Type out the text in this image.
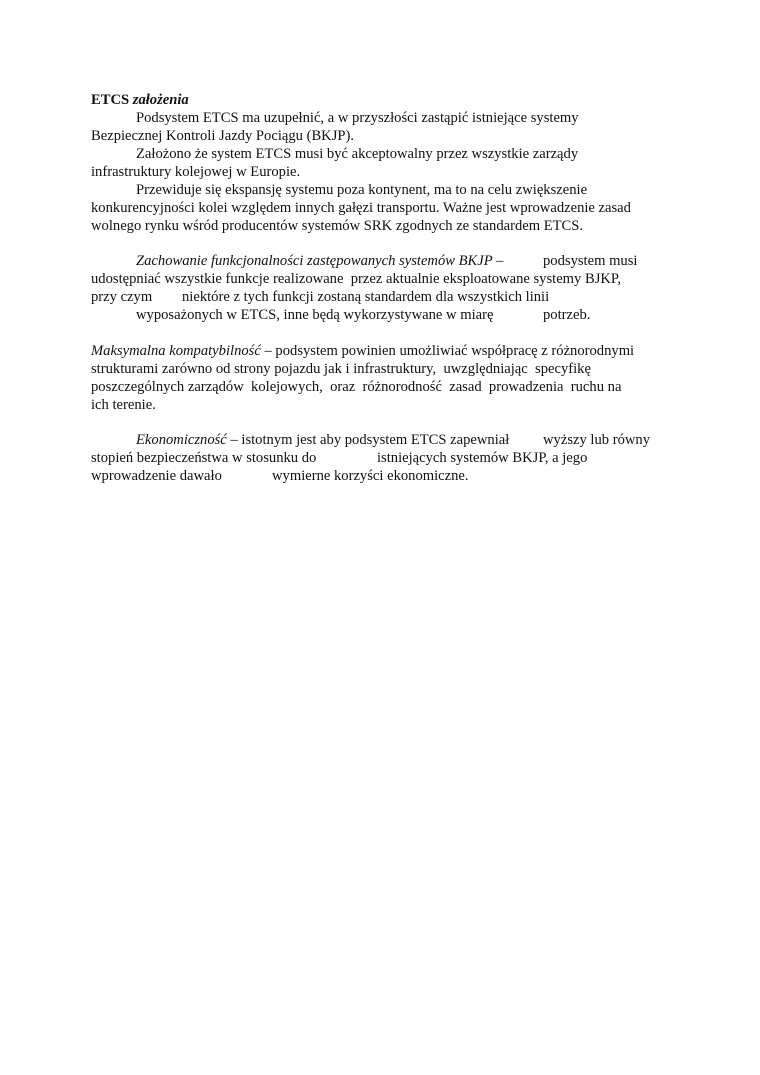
ETCS założenia
Podsystem ETCS ma uzupełnić, a w przyszłości zastąpić istniejące systemy
Bezpiecznej Kontroli Jazdy Pociągu (BKJP).
Założono że system ETCS musi być akceptowalny przez wszystkie zarządy
infrastruktury kolejowej w Europie.
Przewiduje się ekspansję systemu poza kontynent, ma to na celu zwiększenie
konkurencyjności kolei względem innych gałęzi transportu. Ważne jest wprowadzenie zasad
wolnego rynku wśród producentów systemów SRK zgodnych ze standardem ETCS.
Zachowanie funkcjonalności zastępowanych systemów BKJP –	podsystem musi
udostępniać wszystkie funkcje realizowane  przez aktualnie eksploatowane systemy BJKP,
przy czym niektóre z tych funkcji zostaną standardem dla wszystkich linii
wyposażonych w ETCS, inne będą wykorzystywane w miarę	potrzeb.
Maksymalna kompatybilność – podsystem powinien umożliwiać współpracę z różnorodnymi
strukturami zarówno od strony pojazdu jak i infrastruktury,  uwzględniając  specyfikę
poszczególnych zarządów  kolejowych,  oraz  różnorodność  zasad  prowadzenia  ruchu na
ich terenie.
Ekonomiczność – istotnym jest aby podsystem ETCS zapewniał wyższy lub równy
stopień bezpieczeństwa w stosunku do	istniejących systemów BKJP, a jego
wprowadzenie dawało	wymierne korzyści ekonomiczne.
